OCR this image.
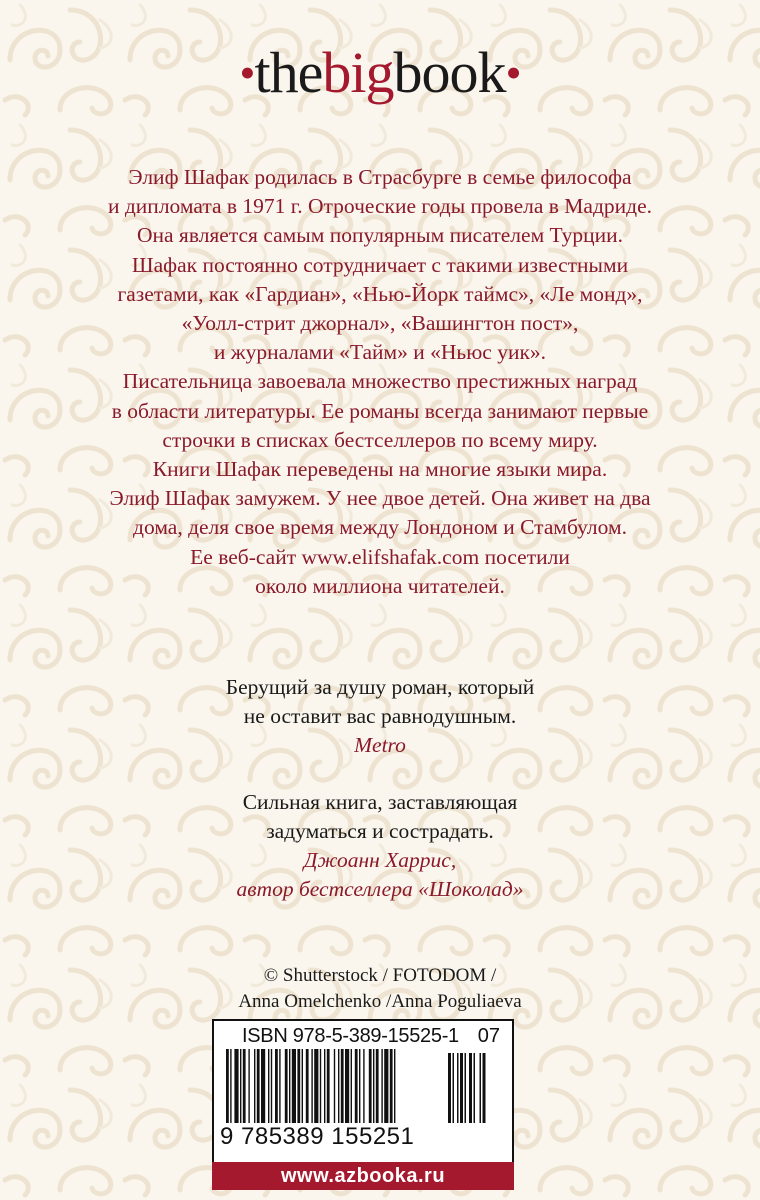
•thebigbook•
Элиф Шафак родилась в Страсбурге в семье философа
и дипломата в 1971 г. Отроческие годы провела в Мадриде.
Она является самым популярным писателем Турции.
Шафак постоянно сотрудничает с такими известными
газетами, как «Гардиан», «Нью-Йорк таймс», «Ле монд»,
«Уолл-стрит джорнал», «Вашингтон пост»,
и журналами «Тайм» и «Ньюс уик».
Писательница завоевала множество престижных наград
в области литературы. Ее романы всегда занимают первые
строчки в списках бестселлеров по всему миру.
Книги Шафак переведены на многие языки мира.
Элиф Шафак замужем. У нее двое детей. Она живет на два
дома, деля свое время между Лондоном и Стамбулом.
Ее веб-сайт www.elifshafak.com посетили
около миллиона читателей.
Берущий за душу роман, который
не оставит вас равнодушным.
Metro
Сильная книга, заставляющая
задуматься и сострадать.
Джоанн Харрис,
автор бестселлера «Шоколад»
© Shutterstock / FOTODOM /
Anna Omelchenko /Anna Poguliaeva
ISBN 978-5-389-15525-1 07
9 785389 155251
www.azbooka.ru
